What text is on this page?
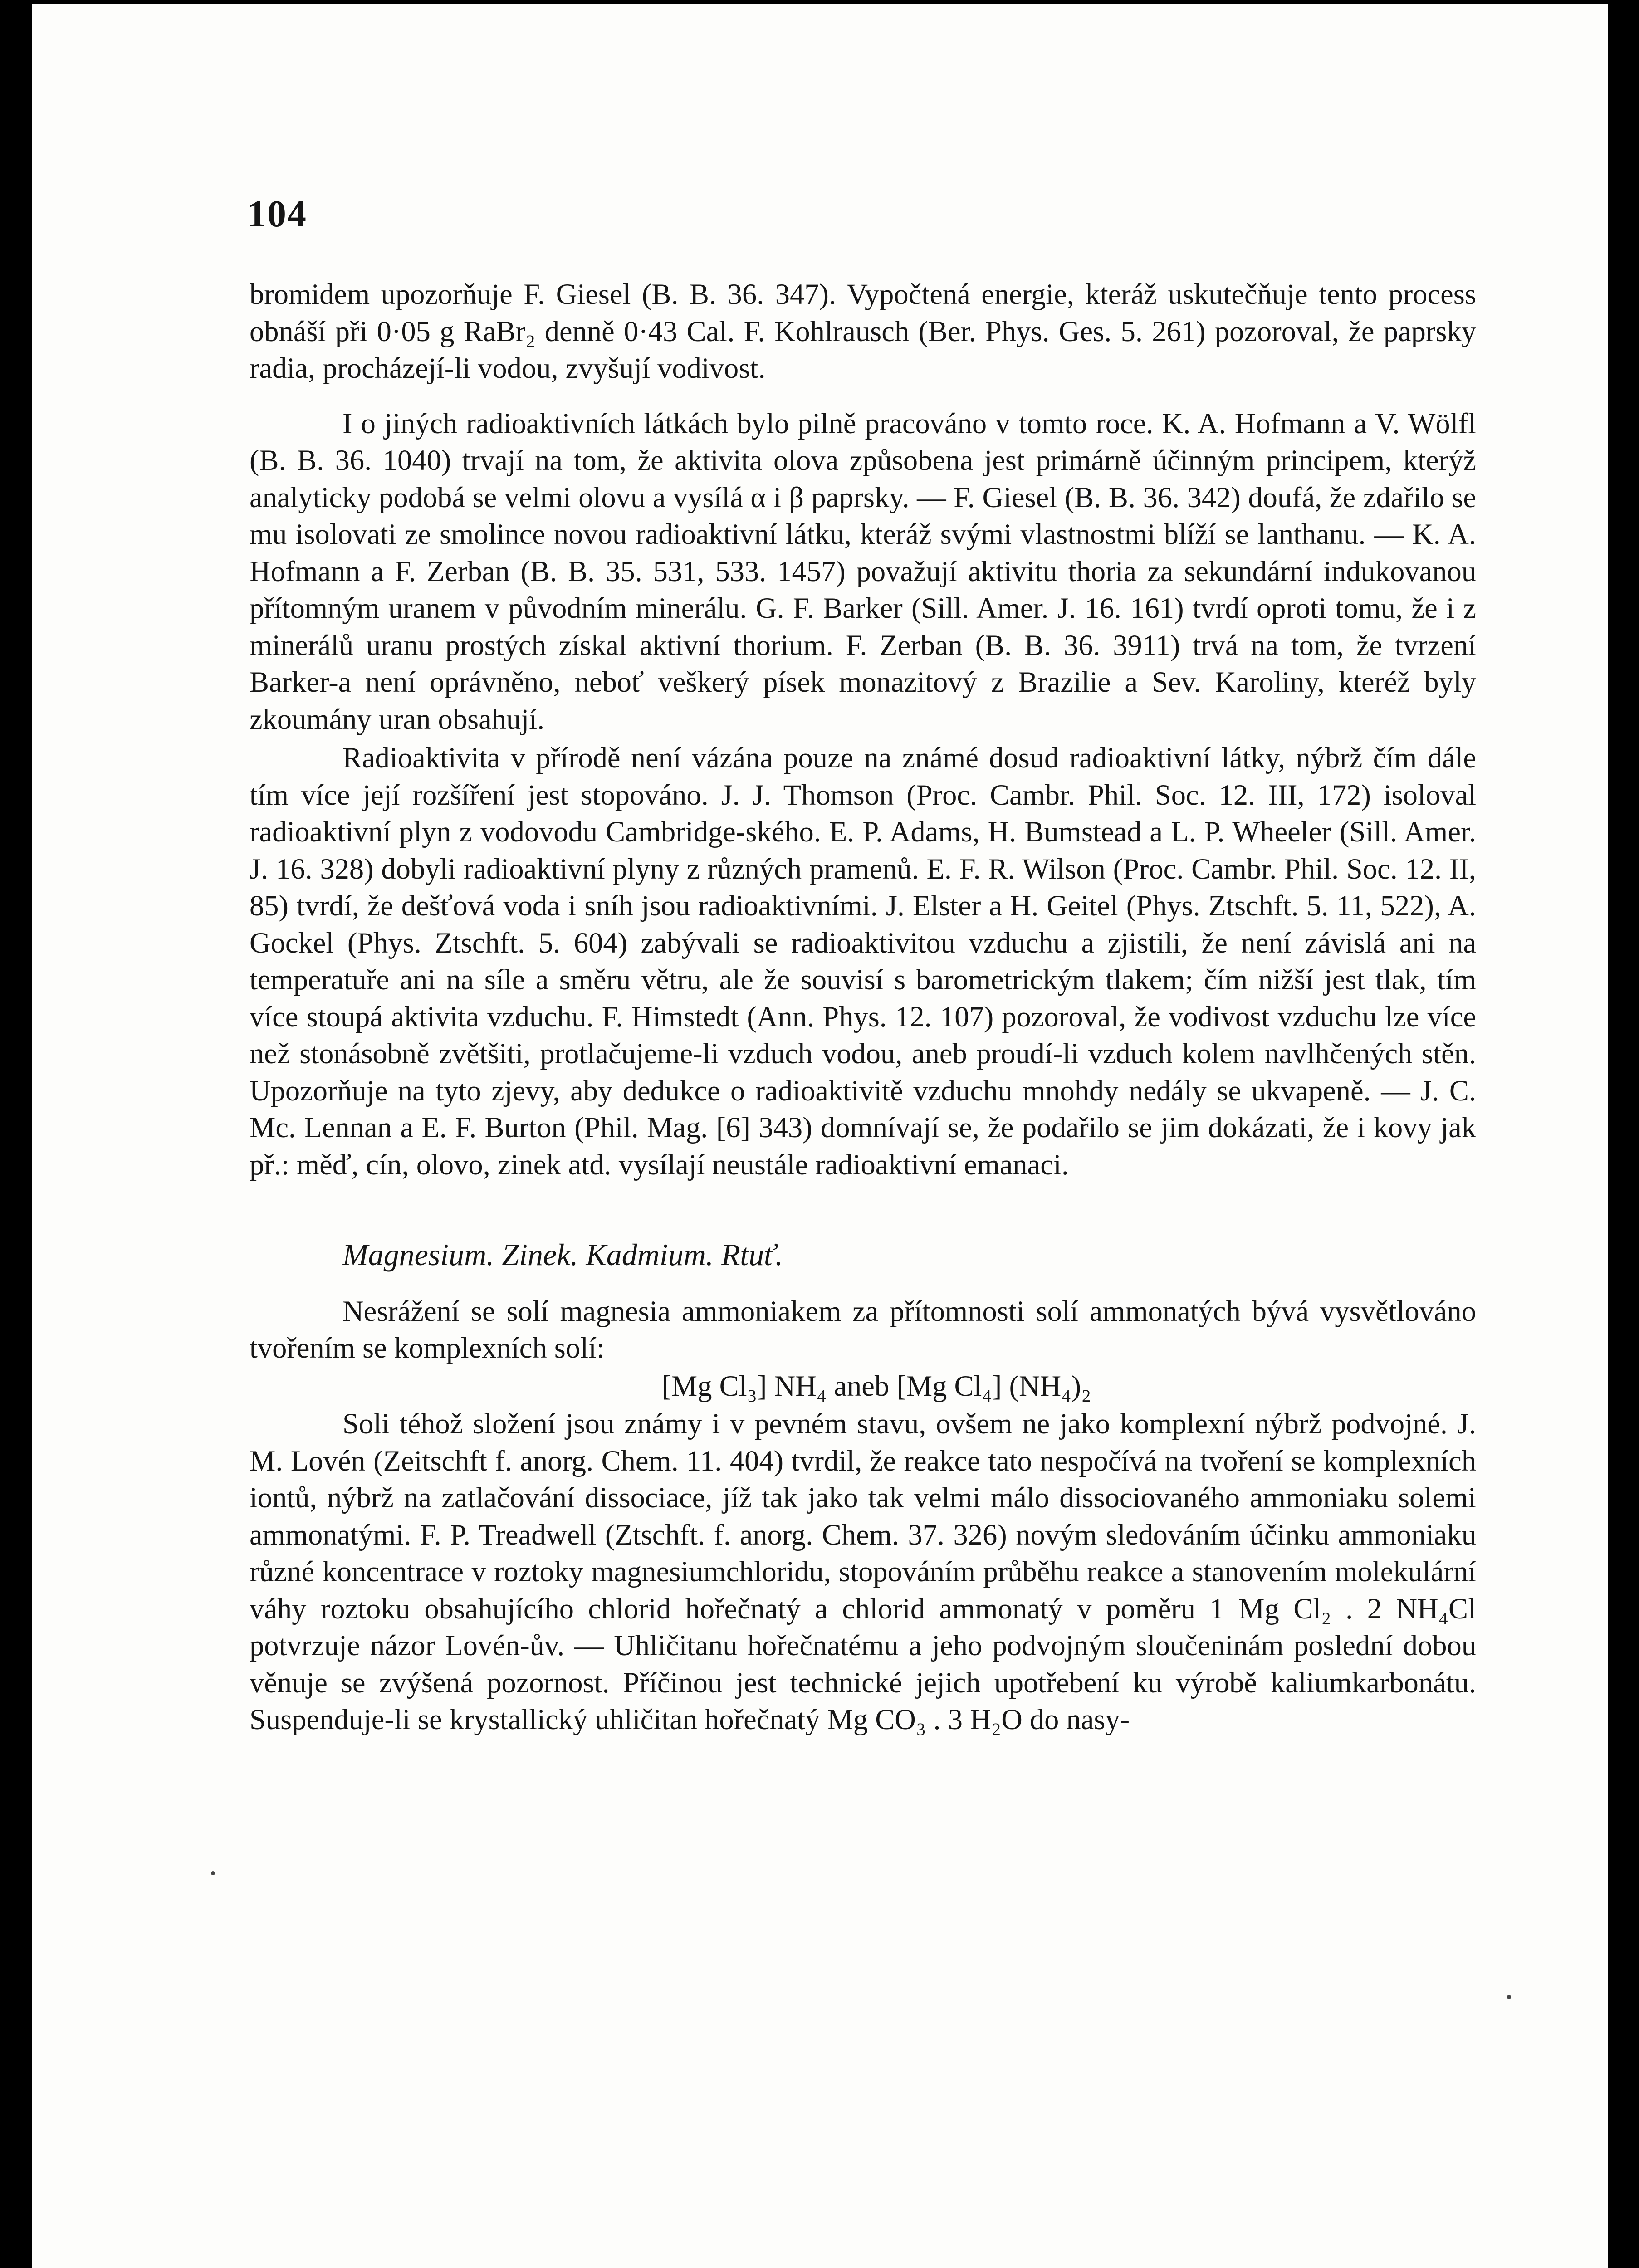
104

bromidem upozorňuje F. Giesel (B. B. 36. 347). Vypočtená energie, kteráž uskutečňuje tento process obnáší při 0·05 g RaBr₂ denně 0·43 Cal. F. Kohlrausch (Ber. Phys. Ges. 5. 261) pozoroval, že paprsky radia, procházejí-li vodou, zvyšují vodivost.

I o jiných radioaktivních látkách bylo pilně pracováno v tomto roce. K. A. Hofmann a V. Wölfl (B. B. 36. 1040) trvají na tom, že aktivita olova způsobena jest primárně účinným principem, kterýž analyticky podobá se velmi olovu a vysílá α i β paprsky. — F. Giesel (B. B. 36. 342) doufá, že zdařilo se mu isolovati ze smolince novou radioaktivní látku, kteráž svými vlastnostmi blíží se lanthanu. — K. A. Hofmann a F. Zerban (B. B. 35. 531, 533. 1457) považují aktivitu thoria za sekundární indukovanou přítomným uranem v původním minerálu. G. F. Barker (Sill. Amer. J. 16. 161) tvrdí oproti tomu, že i z minerálů uranu prostých získal aktivní thorium. F. Zerban (B. B. 36. 3911) trvá na tom, že tvrzení Barker-a není oprávněno, neboť veškerý písek monazitový z Brazilie a Sev. Karoliny, kteréž byly zkoumány uran obsahují.

Radioaktivita v přírodě není vázána pouze na známé dosud radioaktivní látky, nýbrž čím dále tím více její rozšíření jest stopováno. J. J. Thomson (Proc. Cambr. Phil. Soc. 12. III, 172) isoloval radioaktivní plyn z vodovodu Cambridge-ského. E. P. Adams, H. Bumstead a L. P. Wheeler (Sill. Amer. J. 16. 328) dobyli radioaktivní plyny z různých pramenů. E. F. R. Wilson (Proc. Cambr. Phil. Soc. 12. II, 85) tvrdí, že dešťová voda i sníh jsou radioaktivními. J. Elster a H. Geitel (Phys. Ztschft. 5. 11, 522), A. Gockel (Phys. Ztschft. 5. 604) zabývali se radioaktivitou vzduchu a zjistili, že není závislá ani na temperatuře ani na síle a směru větru, ale že souvisí s barometrickým tlakem; čím nižší jest tlak, tím více stoupá aktivita vzduchu. F. Himstedt (Ann. Phys. 12. 107) pozoroval, že vodivost vzduchu lze více než stonásobně zvětšiti, protlačujeme-li vzduch vodou, aneb proudí-li vzduch kolem navlhčených stěn. Upozorňuje na tyto zjevy, aby dedukce o radioaktivitě vzduchu mnohdy nedály se ukvapeně. — J. C. Mc. Lennan a E. F. Burton (Phil. Mag. [6] 343) domnívají se, že podařilo se jim dokázati, že i kovy jak př.: měď, cín, olovo, zinek atd. vysílají neustále radioaktivní emanaci.

Magnesium. Zinek. Kadmium. Rtuť.

Nesrážení se solí magnesia ammoniakem za přítomnosti solí ammonatých bývá vysvětlováno tvořením se komplexních solí:

[Mg Cl₃] NH₄ aneb [Mg Cl₄] (NH₄)₂

Soli téhož složení jsou známy i v pevném stavu, ovšem ne jako komplexní nýbrž podvojné. J. M. Lovén (Zeitschft f. anorg. Chem. 11. 404) tvrdil, že reakce tato nespočívá na tvoření se komplexních iontů, nýbrž na zatlačování dissociace, jíž tak jako tak velmi málo dissociovaného ammoniaku solemi ammonatými. F. P. Treadwell (Ztschft. f. anorg. Chem. 37. 326) novým sledováním účinku ammoniaku různé koncentrace v roztoky magnesiumchloridu, stopováním průběhu reakce a stanovením molekulární váhy roztoku obsahujícího chlorid hořečnatý a chlorid ammonatý v poměru 1 Mg Cl₂ . 2 NH₄Cl potvrzuje názor Lovén-ův. — Uhličitanu hořečnatému a jeho podvojným sloučeninám poslední dobou věnuje se zvýšená pozornost. Příčinou jest technické jejich upotřebení ku výrobě kaliumkarbonátu. Suspenduje-li se krystallický uhličitan hořečnatý Mg CO₃ . 3 H₂O do nasy-
